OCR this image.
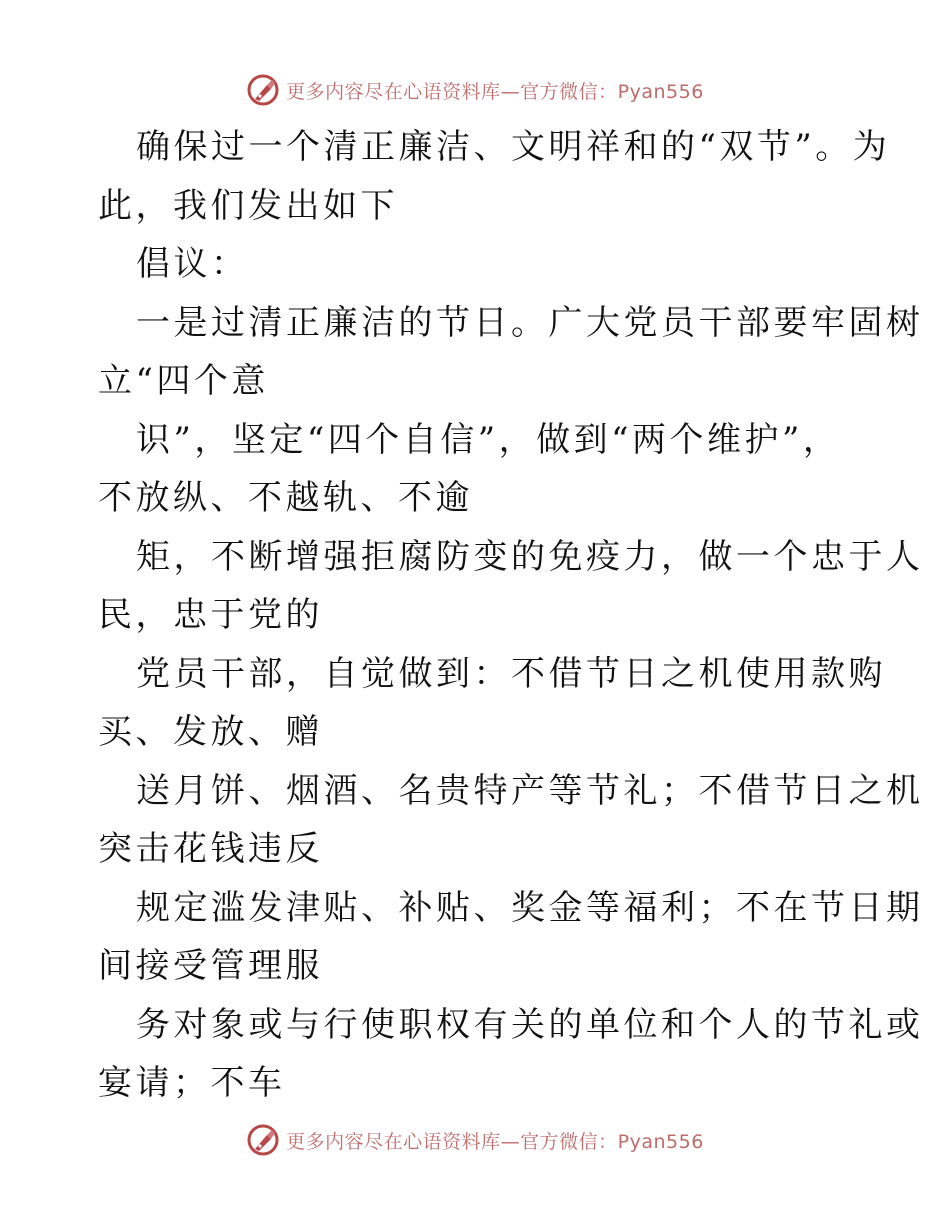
更多内容尽在心语资料库—官方微信：Pyan556
确保过一个清正廉洁、文明祥和的“双节”。为
此，我们发出如下
倡议：
一是过清正廉洁的节日。广大党员干部要牢固树
立“四个意
识”，坚定“四个自信”，做到“两个维护”，
不放纵、不越轨、不逾
矩，不断增强拒腐防变的免疫力，做一个忠于人
民，忠于党的
党员干部，自觉做到：不借节日之机使用款购
买、发放、赠
送月饼、烟酒、名贵特产等节礼；不借节日之机
突击花钱违反
规定滥发津贴、补贴、奖金等福利；不在节日期
间接受管理服
务对象或与行使职权有关的单位和个人的节礼或
宴请；不车
更多内容尽在心语资料库—官方微信：Pyan556
